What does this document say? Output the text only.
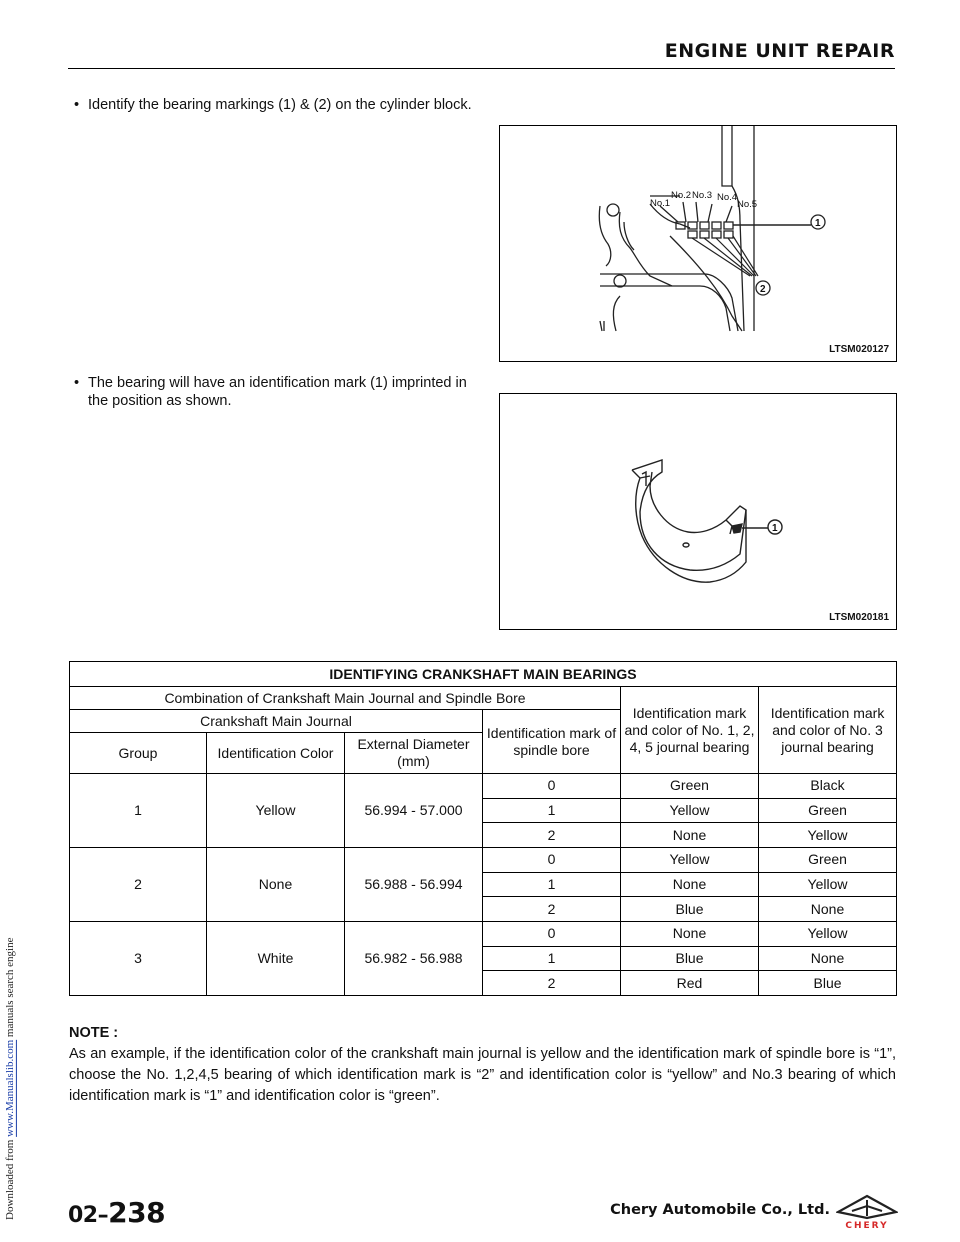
Downloaded from www.Manualslib.com manuals search engine
ENGINE UNIT REPAIR
• Identify the bearing markings (1) & (2) on the cylinder block.
• The bearing will have an identification mark (1) imprinted in the position as shown.
No.1
No.2 No.3 No.4
No.5
1
2
LTSM020127
1
LTSM020181
IDENTIFYING CRANKSHAFT MAIN BEARINGS					
Combination of Crankshaft Main Journal and Spindle Bore				Identification mark and color of No. 1, 2, 4, 5 journal bearing	Identification mark and color of No. 3 journal bearing
Crankshaft Main Journal			Identification mark of spindle bore		
Group	Identification Color	External Diameter (mm)			
1	Yellow	56.994 - 57.000	0	Green	Black
			1	Yellow	Green
			2	None	Yellow
2	None	56.988 - 56.994	0	Yellow	Green
			1	None	Yellow
			2	Blue	None
3	White	56.982 - 56.988	0	None	Yellow
			1	Blue	None
			2	Red	Blue
NOTE :
As an example, if the identification color of the crankshaft main journal is yellow and the identification mark of spindle bore is “1”, choose the No. 1,2,4,5 bearing of which identification mark is “2” and identification color is “yellow” and No.3 bearing of which identification mark is “1” and identification color is “green”.
02–238	Chery Automobile Co., Ltd.
CHERY
